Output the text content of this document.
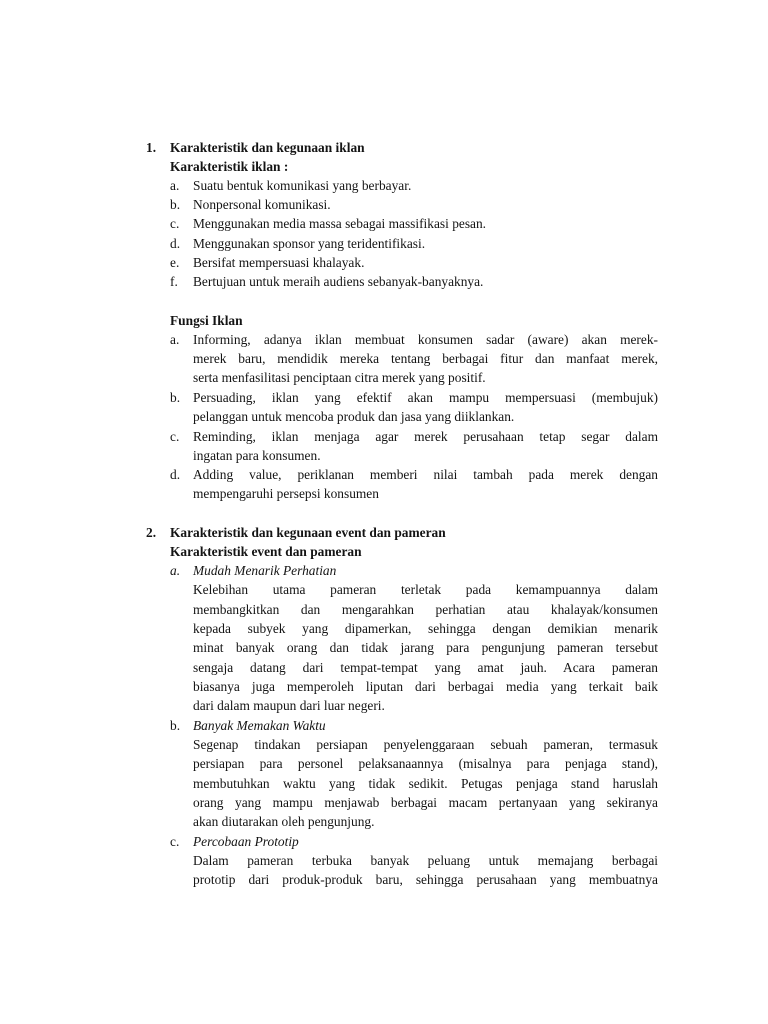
1. Karakteristik dan kegunaan iklan
Karakteristik iklan :
a. Suatu bentuk komunikasi yang berbayar.
b. Nonpersonal komunikasi.
c. Menggunakan media massa sebagai massifikasi pesan.
d. Menggunakan sponsor yang teridentifikasi.
e. Bersifat mempersuasi khalayak.
f. Bertujuan untuk meraih audiens sebanyak-banyaknya.
Fungsi Iklan
a. Informing, adanya iklan membuat konsumen sadar (aware) akan merek-
merek baru, mendidik mereka tentang berbagai fitur dan manfaat merek,
serta menfasilitasi penciptaan citra merek yang positif.
b. Persuading, iklan yang efektif akan mampu mempersuasi (membujuk)
pelanggan untuk mencoba produk dan jasa yang diiklankan.
c. Reminding, iklan menjaga agar merek perusahaan tetap segar dalam
ingatan para konsumen.
d. Adding value, periklanan memberi nilai tambah pada merek dengan
mempengaruhi persepsi konsumen
2. Karakteristik dan kegunaan event dan pameran
Karakteristik event dan pameran
a. Mudah Menarik Perhatian
Kelebihan utama pameran terletak pada kemampuannya dalam
membangkitkan dan mengarahkan perhatian atau khalayak/konsumen
kepada subyek yang dipamerkan, sehingga dengan demikian menarik
minat banyak orang dan tidak jarang para pengunjung pameran tersebut
sengaja datang dari tempat-tempat yang amat jauh. Acara pameran
biasanya juga memperoleh liputan dari berbagai media yang terkait baik
dari dalam maupun dari luar negeri.
b. Banyak Memakan Waktu
Segenap tindakan persiapan penyelenggaraan sebuah pameran, termasuk
persiapan para personel pelaksanaannya (misalnya para penjaga stand),
membutuhkan waktu yang tidak sedikit. Petugas penjaga stand haruslah
orang yang mampu menjawab berbagai macam pertanyaan yang sekiranya
akan diutarakan oleh pengunjung.
c. Percobaan Prototip
Dalam pameran terbuka banyak peluang untuk memajang berbagai
prototip dari produk-produk baru, sehingga perusahaan yang membuatnya
